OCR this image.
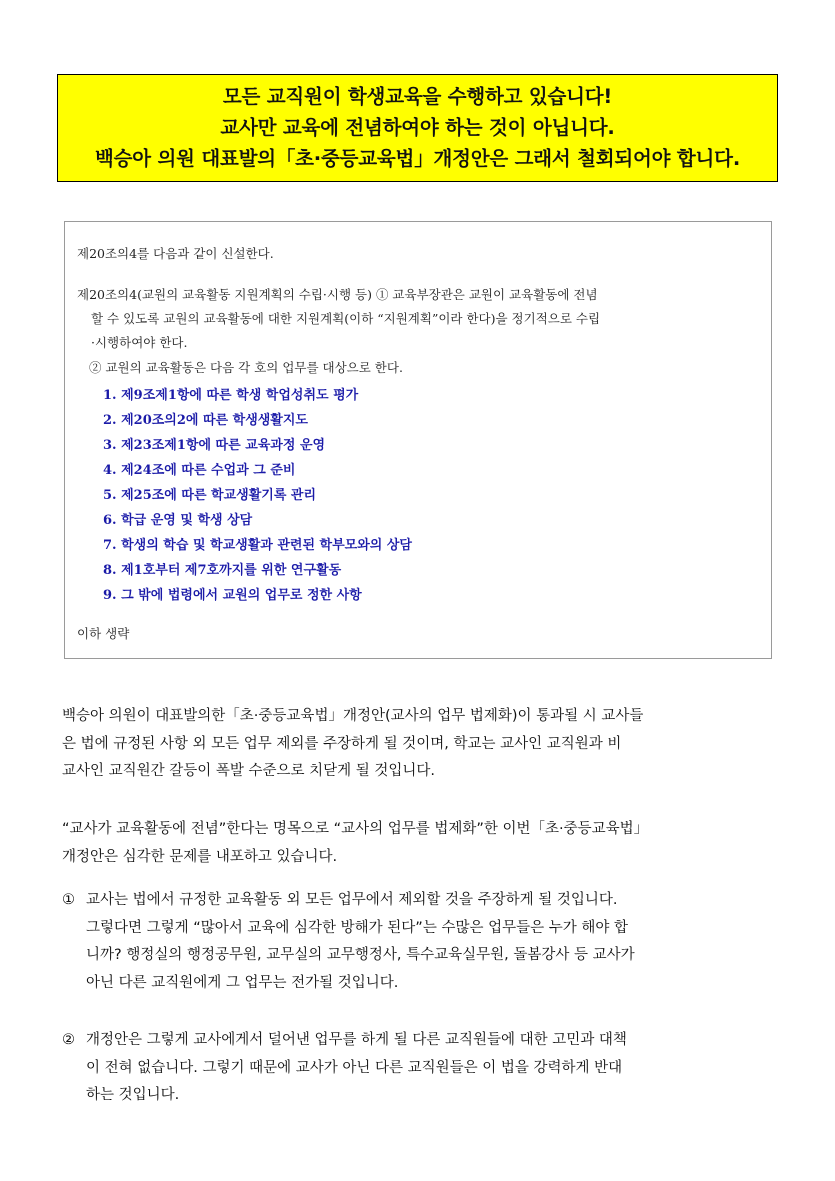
모든 교직원이 학생교육을 수행하고 있습니다!
교사만 교육에 전념하여야 하는 것이 아닙니다.
백승아 의원 대표발의「초·중등교육법」개정안은 그래서 철회되어야 합니다.
제20조의4를 다음과 같이 신설한다.
제20조의4(교원의 교육활동 지원계획의 수립·시행 등) ① 교육부장관은 교원이 교육활동에 전념
할 수 있도록 교원의 교육활동에 대한 지원계획(이하 “지원계획”이라 한다)을 정기적으로 수립
·시행하여야 한다.
② 교원의 교육활동은 다음 각 호의 업무를 대상으로 한다.
1. 제9조제1항에 따른 학생 학업성취도 평가
2. 제20조의2에 따른 학생생활지도
3. 제23조제1항에 따른 교육과정 운영
4. 제24조에 따른 수업과 그 준비
5. 제25조에 따른 학교생활기록 관리
6. 학급 운영 및 학생 상담
7. 학생의 학습 및 학교생활과 관련된 학부모와의 상담
8. 제1호부터 제7호까지를 위한 연구활동
9. 그 밖에 법령에서 교원의 업무로 정한 사항
이하 생략
백승아 의원이 대표발의한「초·중등교육법」개정안(교사의 업무 법제화)이 통과될 시 교사들
은 법에 규정된 사항 외 모든 업무 제외를 주장하게 될 것이며, 학교는 교사인 교직원과 비
교사인 교직원간 갈등이 폭발 수준으로 치닫게 될 것입니다.
“교사가 교육활동에 전념”한다는 명목으로 “교사의 업무를 법제화”한 이번「초·중등교육법」
개정안은 심각한 문제를 내포하고 있습니다.
① 교사는 법에서 규정한 교육활동 외 모든 업무에서 제외할 것을 주장하게 될 것입니다.
그렇다면 그렇게 “많아서 교육에 심각한 방해가 된다”는 수많은 업무들은 누가 해야 합
니까? 행정실의 행정공무원, 교무실의 교무행정사, 특수교육실무원, 돌봄강사 등 교사가
아닌 다른 교직원에게 그 업무는 전가될 것입니다.
② 개정안은 그렇게 교사에게서 덜어낸 업무를 하게 될 다른 교직원들에 대한 고민과 대책
이 전혀 없습니다. 그렇기 때문에 교사가 아닌 다른 교직원들은 이 법을 강력하게 반대
하는 것입니다.
